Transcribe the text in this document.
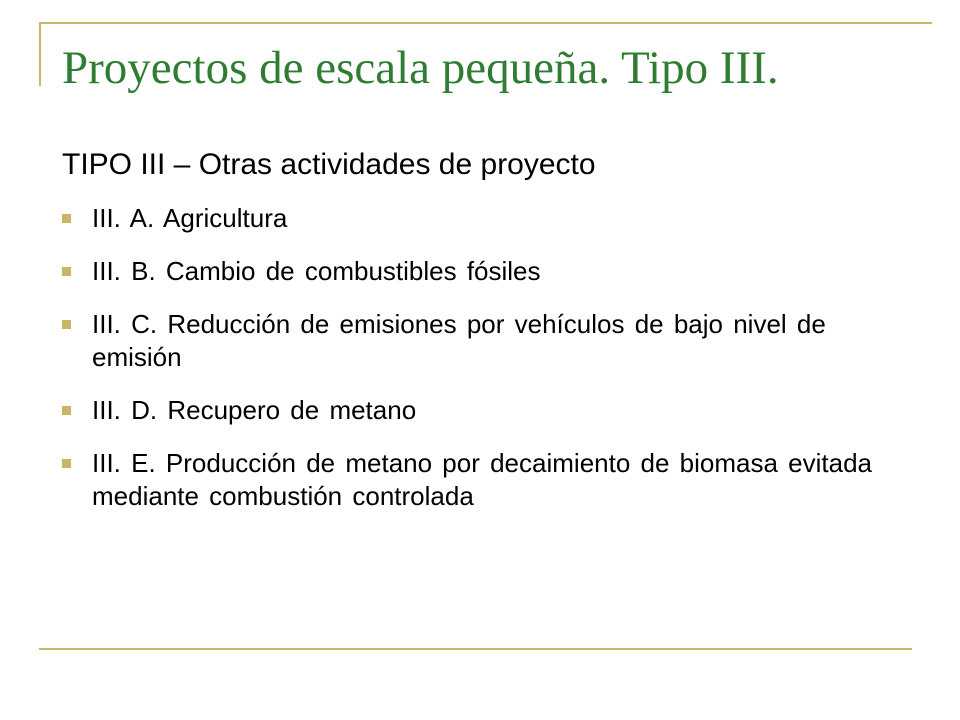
Proyectos de escala pequeña. Tipo III.

TIPO III – Otras actividades de proyecto

III. A. Agricultura
III. B. Cambio de combustibles fósiles
III. C. Reducción de emisiones por vehículos de bajo nivel de emisión
III. D. Recupero de metano
III. E. Producción de metano por decaimiento de biomasa evitada mediante combustión controlada
